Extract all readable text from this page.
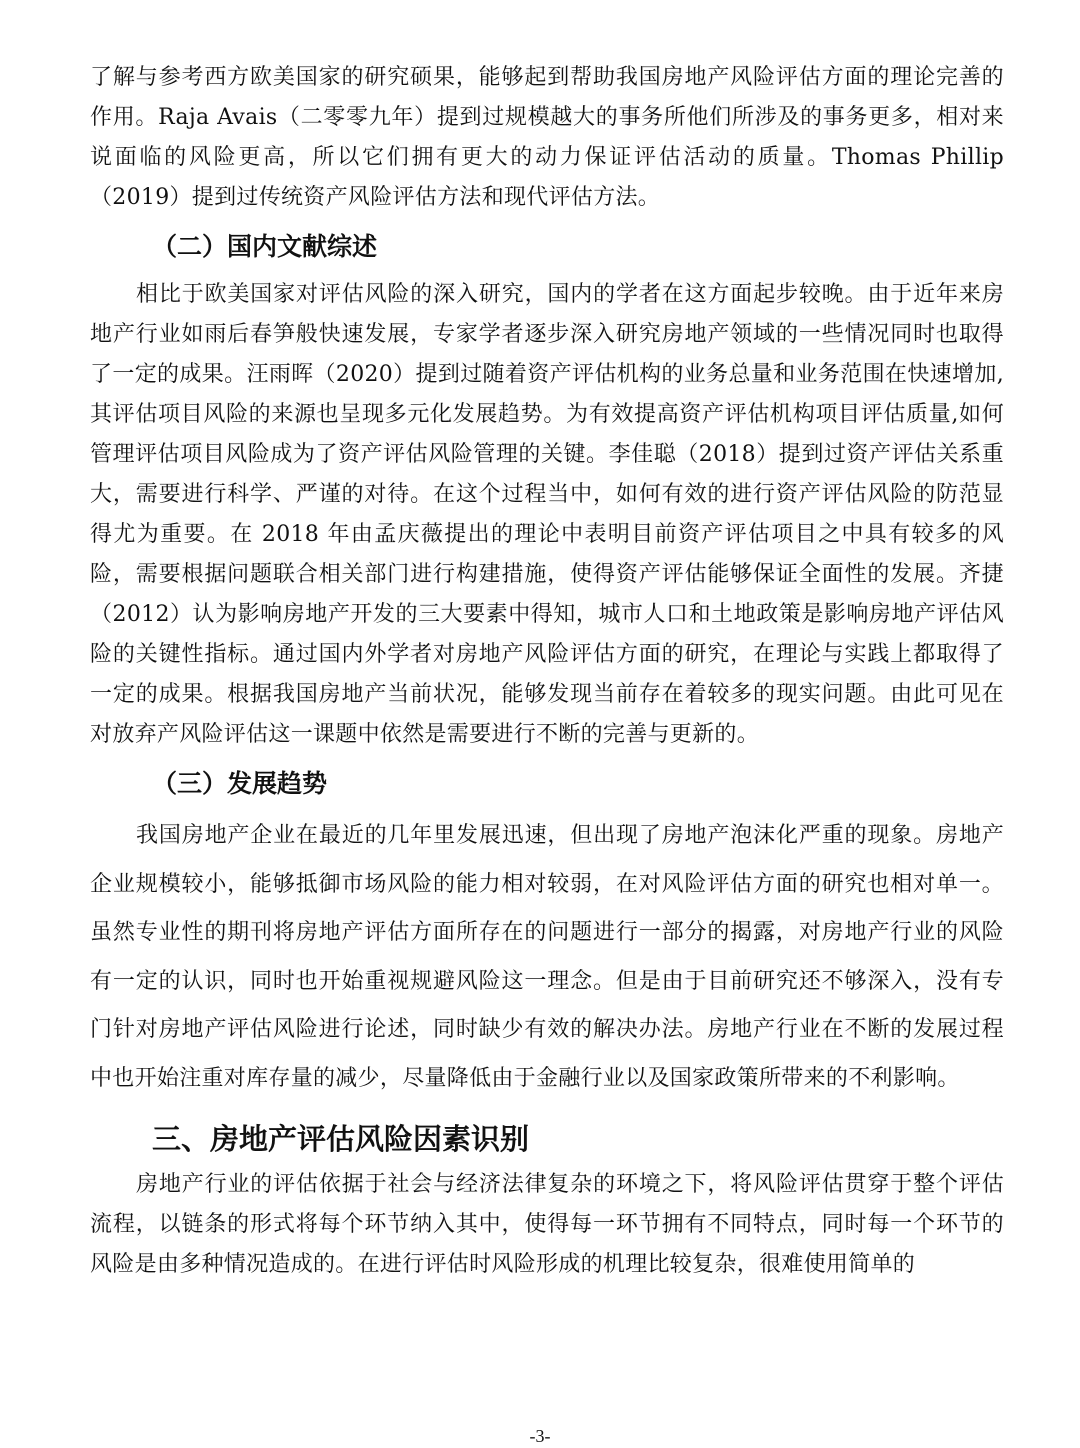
了解与参考西方欧美国家的研究硕果，能够起到帮助我国房地产风险评估方面的理论完善的作用。Raja Avais（二零零九年）提到过规模越大的事务所他们所涉及的事务更多，相对来说面临的风险更高，所以它们拥有更大的动力保证评估活动的质量。Thomas Phillip（2019）提到过传统资产风险评估方法和现代评估方法。

（二）国内文献综述

相比于欧美国家对评估风险的深入研究，国内的学者在这方面起步较晚。由于近年来房地产行业如雨后春笋般快速发展，专家学者逐步深入研究房地产领域的一些情况同时也取得了一定的成果。汪雨晖（2020）提到过随着资产评估机构的业务总量和业务范围在快速增加,其评估项目风险的来源也呈现多元化发展趋势。为有效提高资产评估机构项目评估质量,如何管理评估项目风险成为了资产评估风险管理的关键。李佳聪（2018）提到过资产评估关系重大，需要进行科学、严谨的对待。在这个过程当中，如何有效的进行资产评估风险的防范显得尤为重要。在 2018 年由孟庆薇提出的理论中表明目前资产评估项目之中具有较多的风险，需要根据问题联合相关部门进行构建措施，使得资产评估能够保证全面性的发展。齐捷（2012）认为影响房地产开发的三大要素中得知，城市人口和土地政策是影响房地产评估风险的关键性指标。通过国内外学者对房地产风险评估方面的研究，在理论与实践上都取得了一定的成果。根据我国房地产当前状况，能够发现当前存在着较多的现实问题。由此可见在对放弃产风险评估这一课题中依然是需要进行不断的完善与更新的。

（三）发展趋势

我国房地产企业在最近的几年里发展迅速，但出现了房地产泡沫化严重的现象。房地产企业规模较小，能够抵御市场风险的能力相对较弱，在对风险评估方面的研究也相对单一。虽然专业性的期刊将房地产评估方面所存在的问题进行一部分的揭露，对房地产行业的风险有一定的认识，同时也开始重视规避风险这一理念。但是由于目前研究还不够深入，没有专门针对房地产评估风险进行论述，同时缺少有效的解决办法。房地产行业在不断的发展过程中也开始注重对库存量的减少，尽量降低由于金融行业以及国家政策所带来的不利影响。

三、房地产评估风险因素识别

房地产行业的评估依据于社会与经济法律复杂的环境之下，将风险评估贯穿于整个评估流程，以链条的形式将每个环节纳入其中，使得每一环节拥有不同特点，同时每一个环节的风险是由多种情况造成的。在进行评估时风险形成的机理比较复杂，很难使用简单的

-3-
